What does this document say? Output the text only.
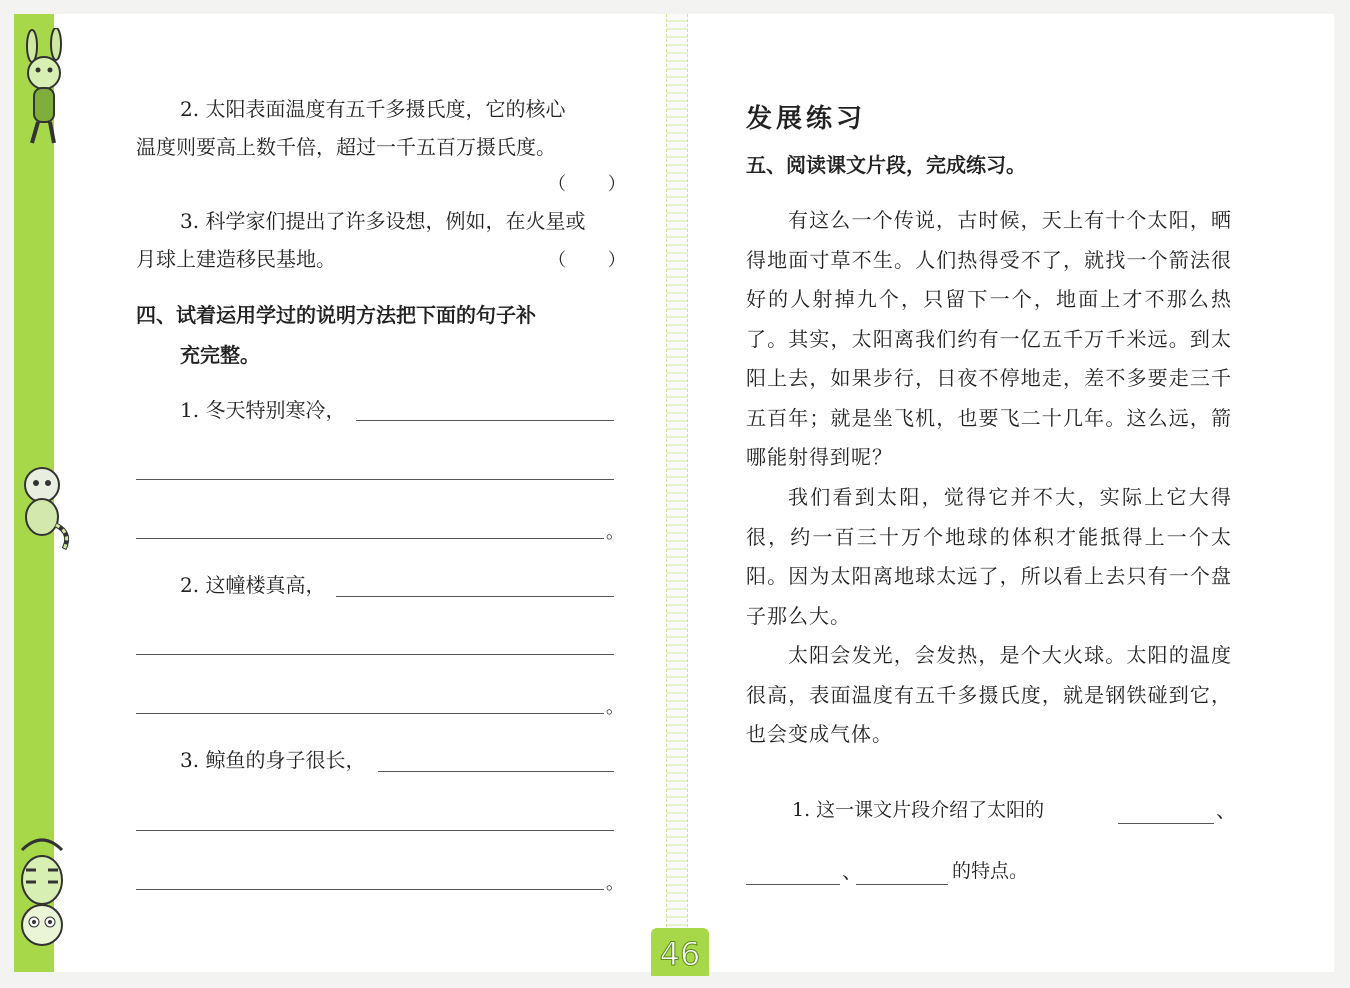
2. 太阳表面温度有五千多摄氏度，它的核心
温度则要高上数千倍，超过一千五百万摄氏度。
（ ）
3. 科学家们提出了许多设想，例如，在火星或
月球上建造移民基地。	（ ）
四、试着运用学过的说明方法把下面的句子补
充完整。
1. 冬天特别寒冷，
。
2. 这幢楼真高，
。
3. 鲸鱼的身子很长，
。
发展练习
五、阅读课文片段，完成练习。
有这么一个传说，古时候，天上有十个太阳，晒得地面寸草不生。人们热得受不了，就找一个箭法很好的人射掉九个，只留下一个，地面上才不那么热了。其实，太阳离我们约有一亿五千万千米远。到太阳上去，如果步行，日夜不停地走，差不多要走三千五百年；就是坐飞机，也要飞二十几年。这么远，箭哪能射得到呢？
我们看到太阳，觉得它并不大，实际上它大得很，约一百三十万个地球的体积才能抵得上一个太阳。因为太阳离地球太远了，所以看上去只有一个盘子那么大。
太阳会发光，会发热，是个大火球。太阳的温度很高，表面温度有五千多摄氏度，就是钢铁碰到它，也会变成气体。
1. 这一课文片段介绍了太阳的	、
、	的特点。
46
